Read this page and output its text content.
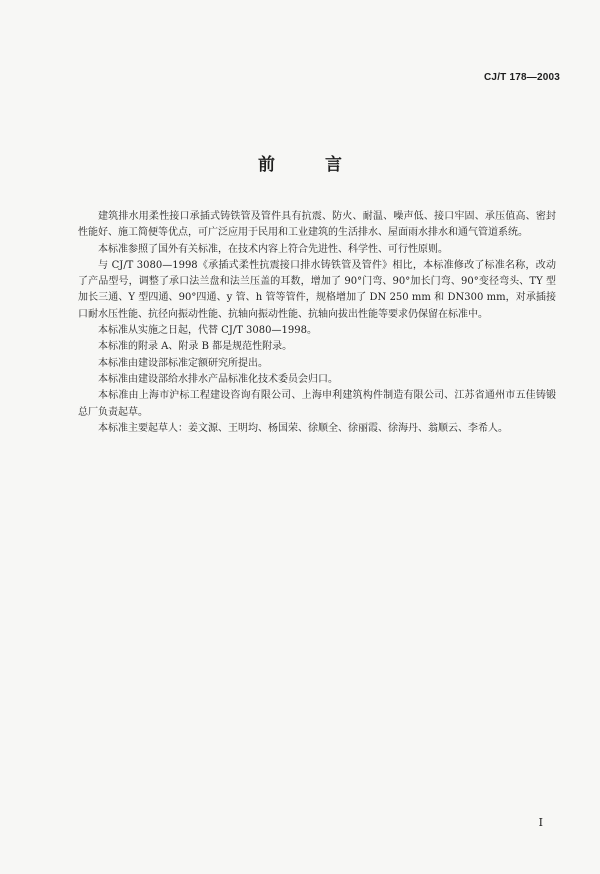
CJ/T 178—2003
前 言

建筑排水用柔性接口承插式铸铁管及管件具有抗震、防火、耐温、噪声低、接口牢固、承压值高、密封性能好、施工简便等优点，可广泛应用于民用和工业建筑的生活排水、屋面雨水排水和通气管道系统。

本标准参照了国外有关标准，在技术内容上符合先进性、科学性、可行性原则。

与 CJ/T 3080—1998《承插式柔性抗震接口排水铸铁管及管件》相比，本标准修改了标准名称，改动了产品型号，调整了承口法兰盘和法兰压盖的耳数，增加了 90°门弯、90°加长门弯、90°变径弯头、TY 型加长三通、Y 型四通、90°四通、y 管、h 管等管件，规格增加了 DN 250 mm 和 DN300 mm，对承插接口耐水压性能、抗径向振动性能、抗轴向振动性能、抗轴向拔出性能等要求仍保留在标准中。

本标准从实施之日起，代替 CJ/T 3080—1998。

本标准的附录 A、附录 B 都是规范性附录。

本标准由建设部标准定额研究所提出。

本标准由建设部给水排水产品标准化技术委员会归口。

本标准由上海市沪标工程建设咨询有限公司、上海申利建筑构件制造有限公司、江苏省通州市五佳铸锻总厂负责起草。

本标准主要起草人：姜文源、王明均、杨国荣、徐顺全、徐丽霞、徐海丹、翁顺云、李希人。

I
